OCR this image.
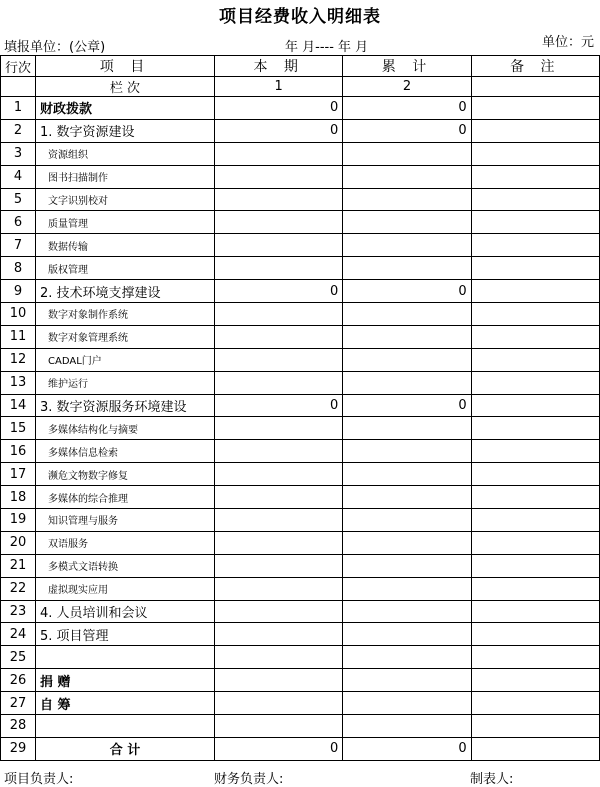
项目经费收入明细表
填报单位：(公章)	年 月---- 年 月	单位：元
行次	项 目	本 期	累 计	备 注
	栏 次	1	2	
1	财政拨款	0	0	
2	1. 数字资源建设	0	0	
3	资源组织			
4	图书扫描制作			
5	文字识别校对			
6	质量管理			
7	数据传输			
8	版权管理			
9	2. 技术环境支撑建设	0	0	
10	数字对象制作系统			
11	数字对象管理系统			
12	CADAL门户			
13	维护运行			
14	3. 数字资源服务环境建设	0	0	
15	多媒体结构化与摘要			
16	多媒体信息检索			
17	濒危文物数字修复			
18	多媒体的综合推理			
19	知识管理与服务			
20	双语服务			
21	多模式文语转换			
22	虚拟现实应用			
23	4. 人员培训和会议			
24	5. 项目管理			
25				
26	捐 赠			
27	自 筹			
28				
29	合 计	0	0	
项目负责人:	财务负责人:	制表人:
